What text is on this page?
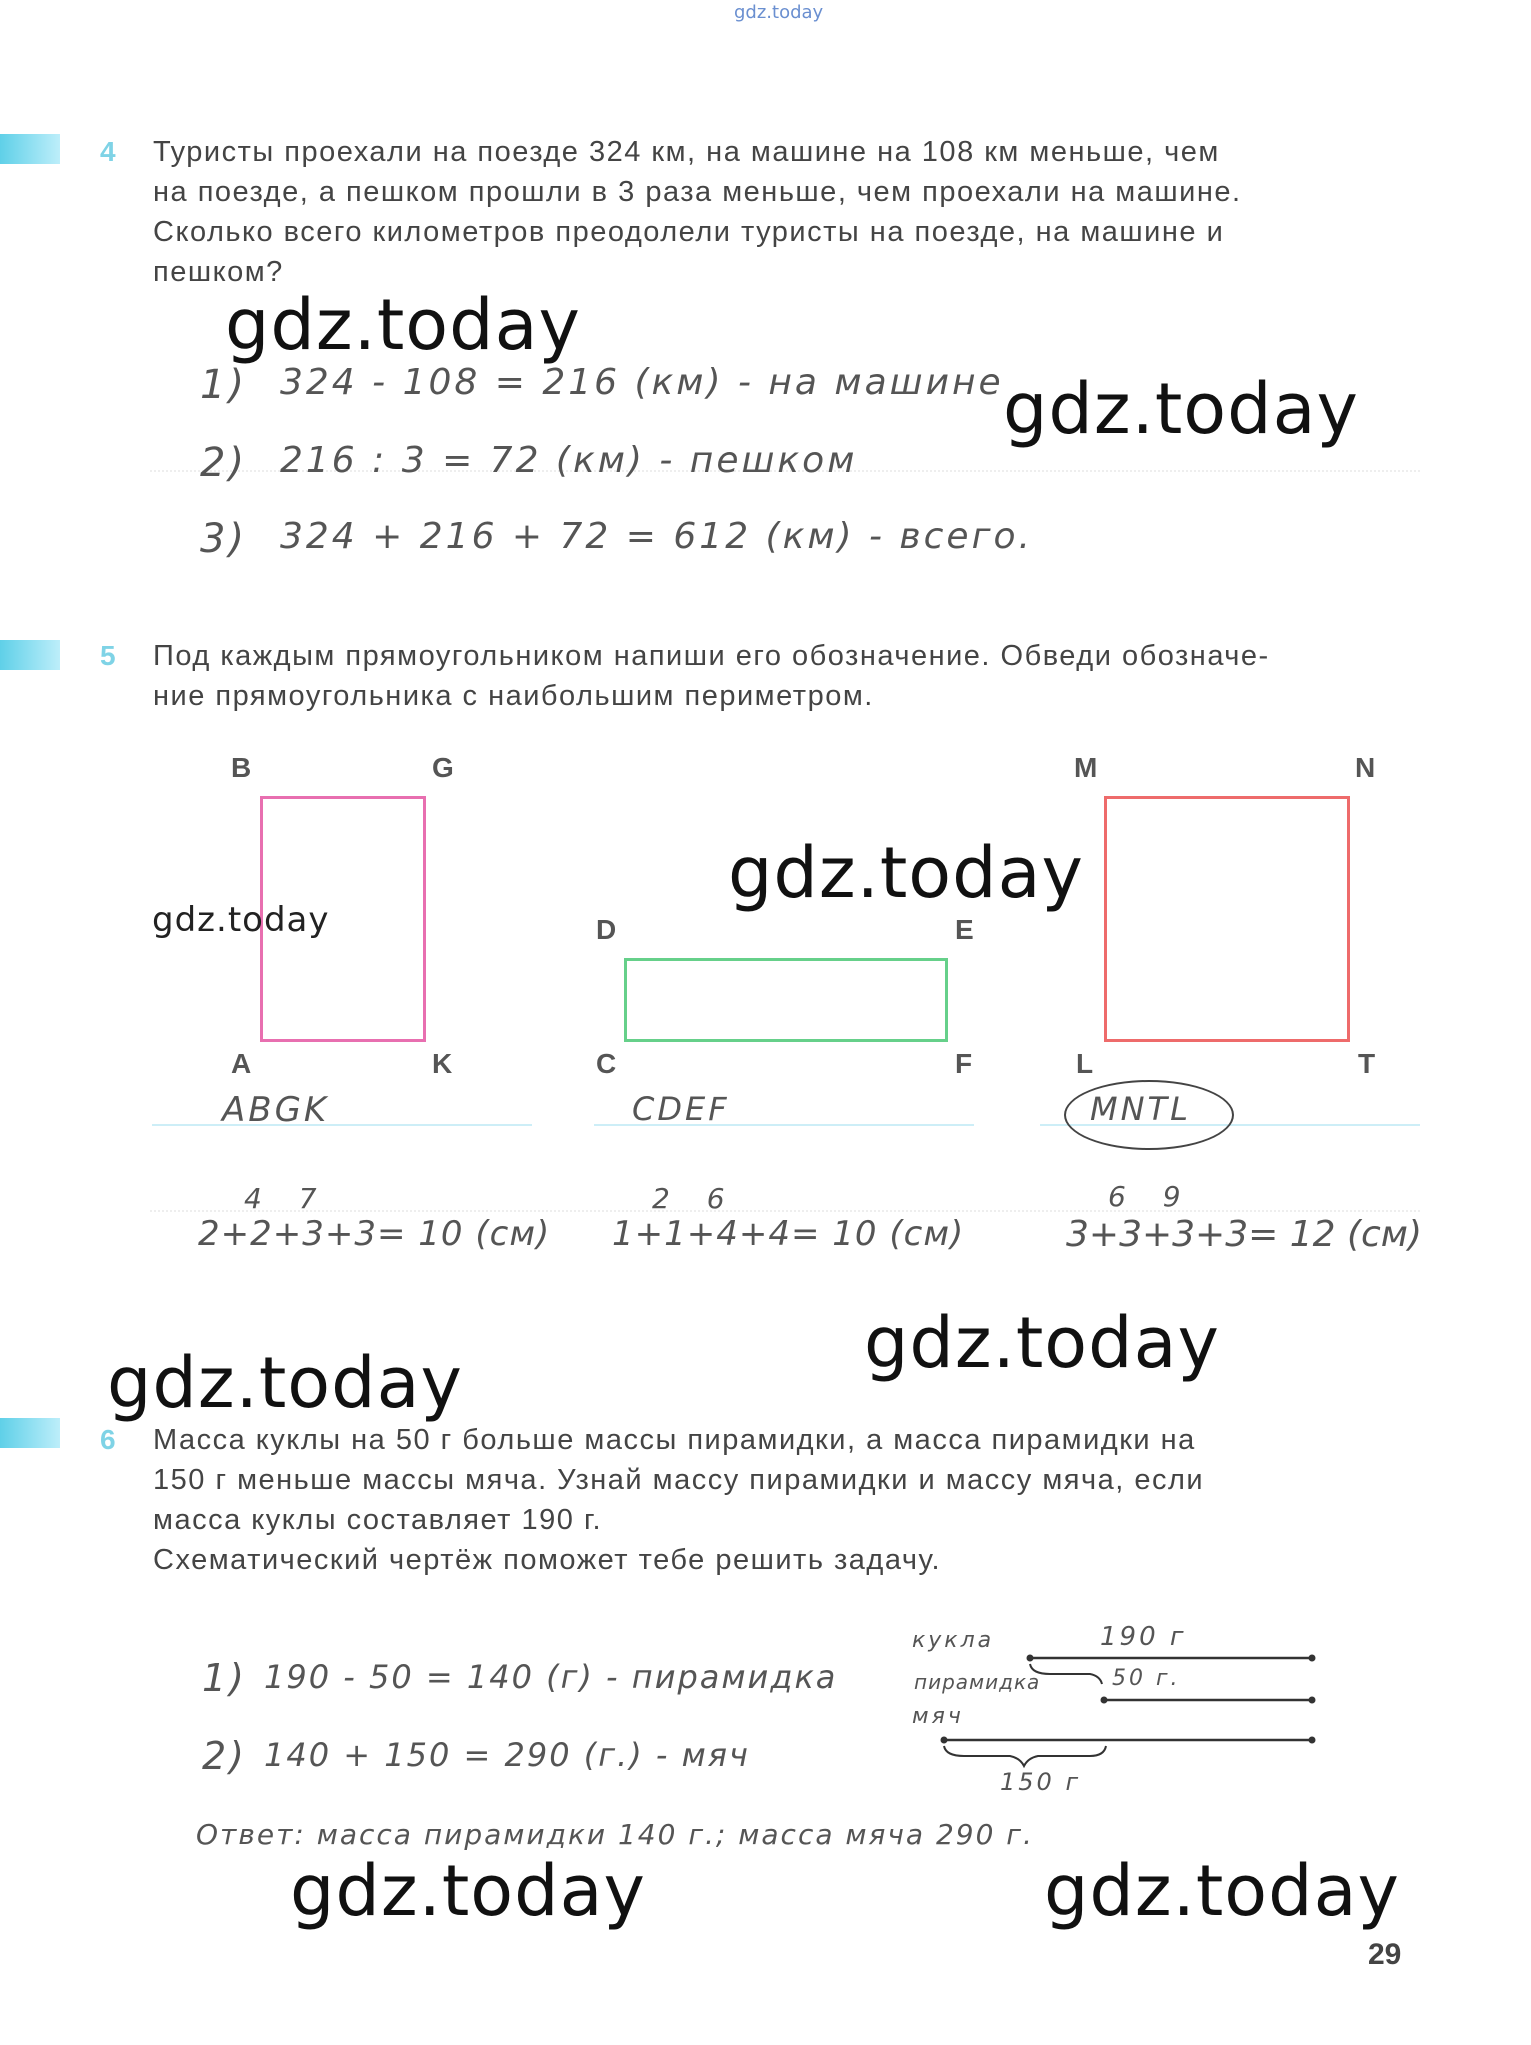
gdz.today
4 Туристы проехали на поезде 324 км, на машине на 108 км меньше, чем
на поезде, а пешком прошли в 3 раза меньше, чем проехали на машине.
Сколько всего километров преодолели туристы на поезде, на машине и
пешком?
1) 324 - 108 = 216 (км) - на машине
2) 216 : 3 = 72 (км) - пешком
3) 324 + 216 + 72 = 612 (км) - всего.
5 Под каждым прямоугольником напиши его обозначение. Обведи обозначе-
ние прямоугольника с наибольшим периметром.
B	G
A	K
D	E
C	F
M	N
L	T
ABGK	CDEF	MNTL
4 7
2+2+3+3= 10 (см)
2 6
1+1+4+4= 10 (см)
6 9
3+3+3+3= 12 (см)
6 Масса куклы на 50 г больше массы пирамидки, а масса пирамидки на
150 г меньше массы мяча. Узнай массу пирамидки и массу мяча, если
масса куклы составляет 190 г.
Схематический чертёж поможет тебе решить задачу.
1) 190 - 50 = 140 (г) - пирамидка
2) 140 + 150 = 290 (г.) - мяч
Ответ: масса пирамидки 140 г.; масса мяча 290 г.
кукла	190 г
пирамидка	50 г.
мяч
150 г
29
gdz.today
gdz.today
gdz.today
gdz.today
gdz.today
gdz.today
gdz.today	gdz.today
